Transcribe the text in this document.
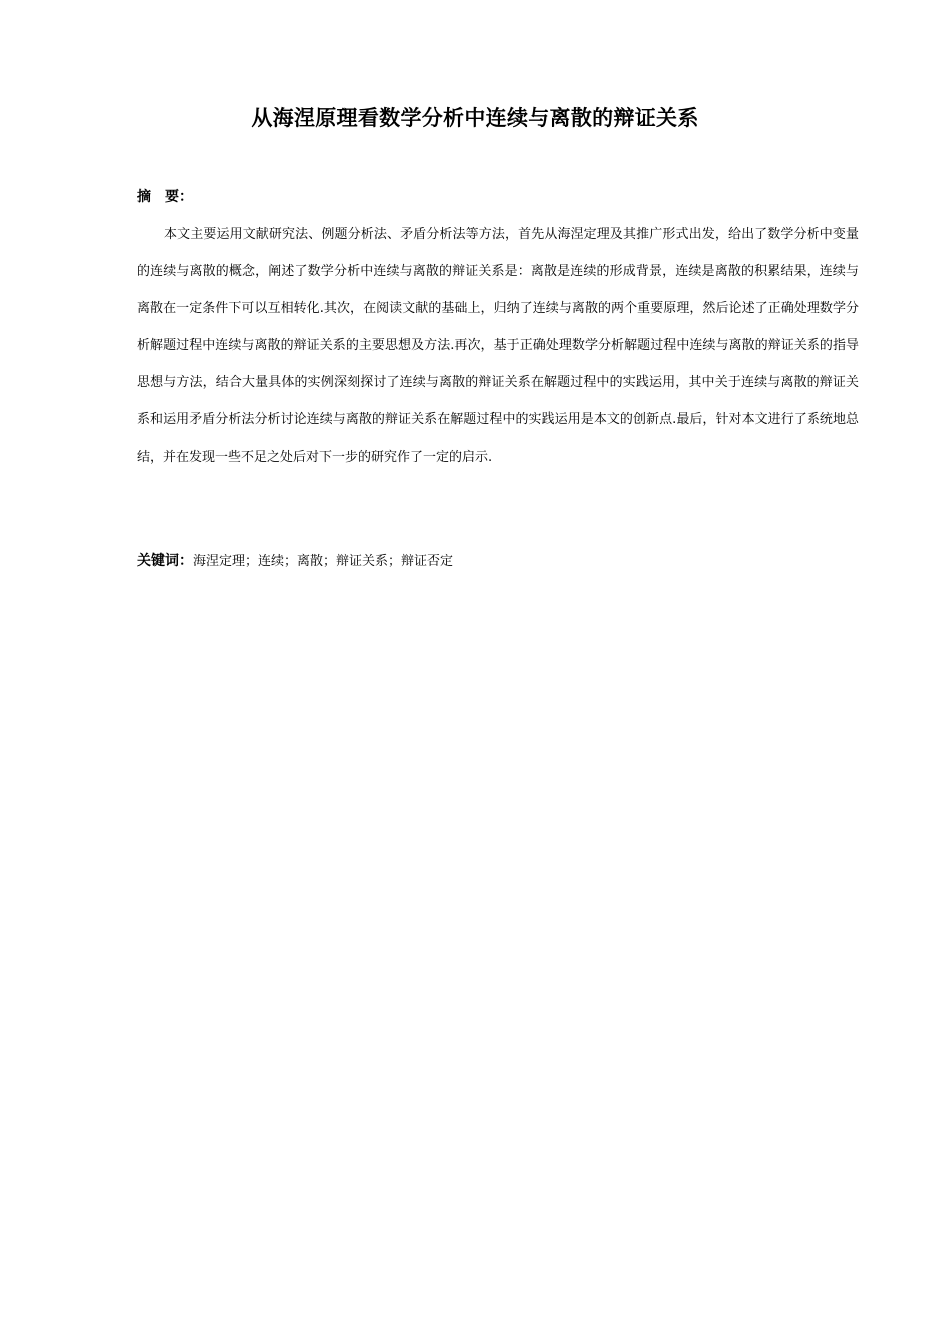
从海涅原理看数学分析中连续与离散的辩证关系
摘　要：

本文主要运用文献研究法、例题分析法、矛盾分析法等方法，首先从海涅定理及其推广形式出发，给出了数学分析中变量的连续与离散的概念，阐述了数学分析中连续与离散的辩证关系是：离散是连续的形成背景，连续是离散的积累结果，连续与离散在一定条件下可以互相转化.其次，在阅读文献的基础上，归纳了连续与离散的两个重要原理，然后论述了正确处理数学分析解题过程中连续与离散的辩证关系的主要思想及方法.再次，基于正确处理数学分析解题过程中连续与离散的辩证关系的指导思想与方法，结合大量具体的实例深刻探讨了连续与离散的辩证关系在解题过程中的实践运用，其中关于连续与离散的辩证关系和运用矛盾分析法分析讨论连续与离散的辩证关系在解题过程中的实践运用是本文的创新点.最后，针对本文进行了系统地总结，并在发现一些不足之处后对下一步的研究作了一定的启示.

关键词：海涅定理；连续；离散；辩证关系；辩证否定
